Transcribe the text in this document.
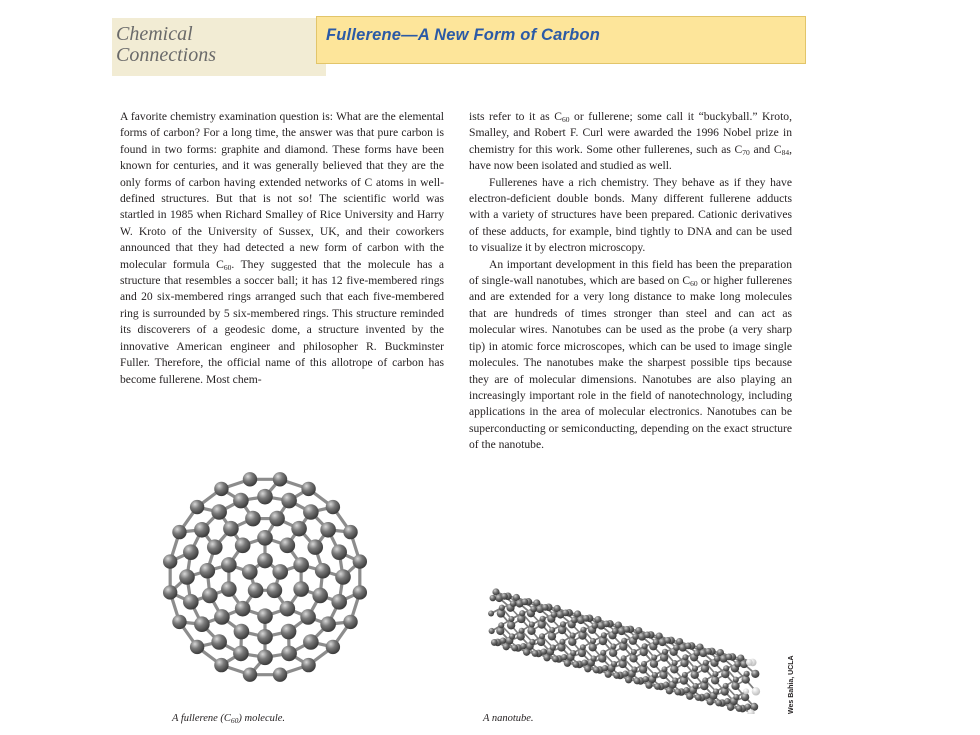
Chemical
Connections
Fullerene—A New Form of Carbon

A favorite chemistry examination question is: What are the elemental forms of carbon? For a long time, the answer was that pure carbon is found in two forms: graphite and diamond. These forms have been known for centuries, and it was generally believed that they are the only forms of carbon having extended networks of C atoms in well-defined structures. But that is not so! The scientific world was startled in 1985 when Richard Smalley of Rice University and Harry W. Kroto of the University of Sussex, UK, and their coworkers announced that they had detected a new form of carbon with the molecular formula $C_{60}$. They suggested that the molecule has a structure that resembles a soccer ball; it has 12 five-membered rings and 20 six-membered rings arranged such that each five-membered ring is surrounded by 5 six-membered rings. This structure reminded its discoverers of a geodesic dome, a structure invented by the innovative American engineer and philosopher R. Buckminster Fuller. Therefore, the official name of this allotrope of carbon has become fullerene. Most chem-

ists refer to it as $C_{60}$ or fullerene; some call it “buckyball.” Kroto, Smalley, and Robert F. Curl were awarded the 1996 Nobel prize in chemistry for this work. Some other fullerenes, such as $C_{70}$ and $C_{84}$, have now been isolated and studied as well.

Fullerenes have a rich chemistry. They behave as if they have electron-deficient double bonds. Many different fullerene adducts with a variety of structures have been prepared. Cationic derivatives of these adducts, for example, bind tightly to DNA and can be used to visualize it by electron microscopy.

An important development in this field has been the preparation of single-wall nanotubes, which are based on $C_{60}$ or higher fullerenes and are extended for a very long distance to make long molecules that are hundreds of times stronger than steel and can act as molecular wires. Nanotubes can be used as the probe (a very sharp tip) in atomic force microscopes, which can be used to image single molecules. The nanotubes make the sharpest possible tips because they are of molecular dimensions. Nanotubes are also playing an increasingly important role in the field of nanotechnology, including applications in the area of molecular electronics. Nanotubes can be superconducting or semiconducting, depending on the exact structure of the nanotube.

A fullerene $(C_{60})$ molecule.	A nanotube.
Wes Bahia, UCLA
